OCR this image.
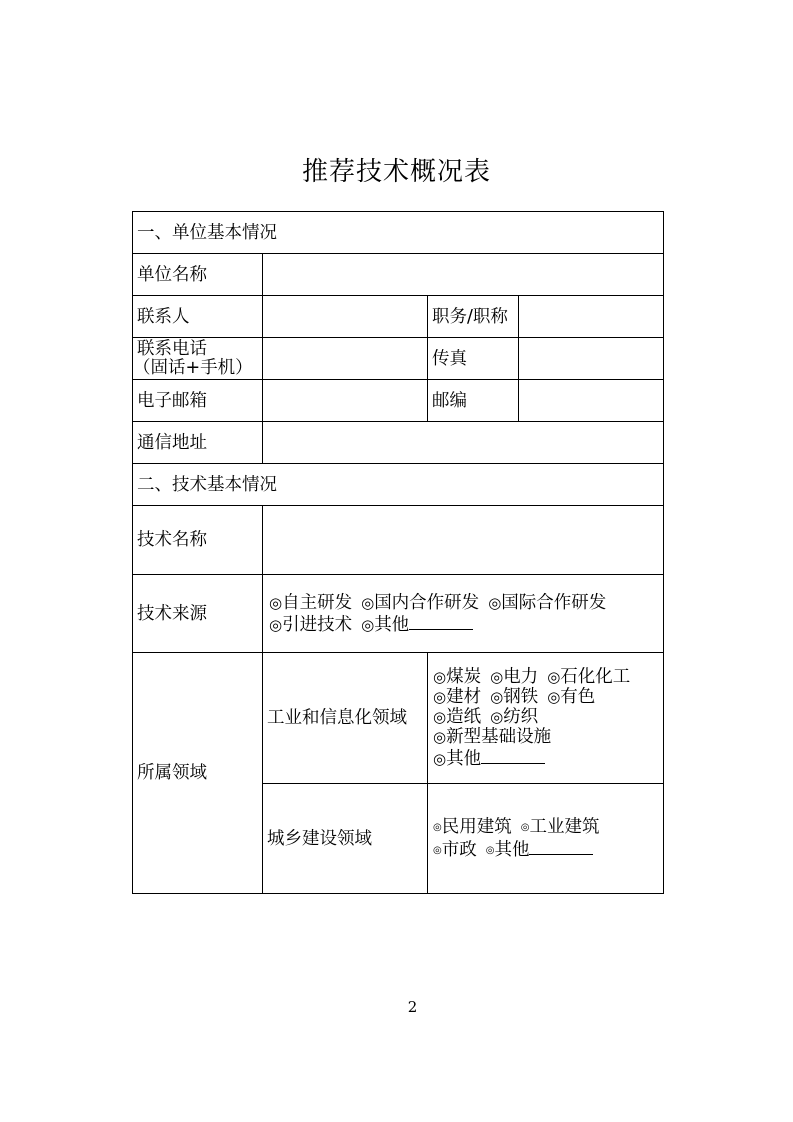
推荐技术概况表
一、单位基本情况			
单位名称			
联系人		职务/职称	

联系电话
（固话+手机）		传真	
电子邮箱		邮编	
通信地址			
二、技术基本情况			
技术名称			
技术来源	◎自主研发 ◎国内合作研发 ◎国际合作研发
◎引进技术 ◎其他		

所属领域	工业和信息化领域	◎煤炭 ◎电力 ◎石化化工
◎建材 ◎钢铁 ◎有色
◎造纸 ◎纺织
◎新型基础设施
◎其他	

	城乡建设领域	◎民用建筑 ◎工业建筑
◎市政 ◎其他	
2
